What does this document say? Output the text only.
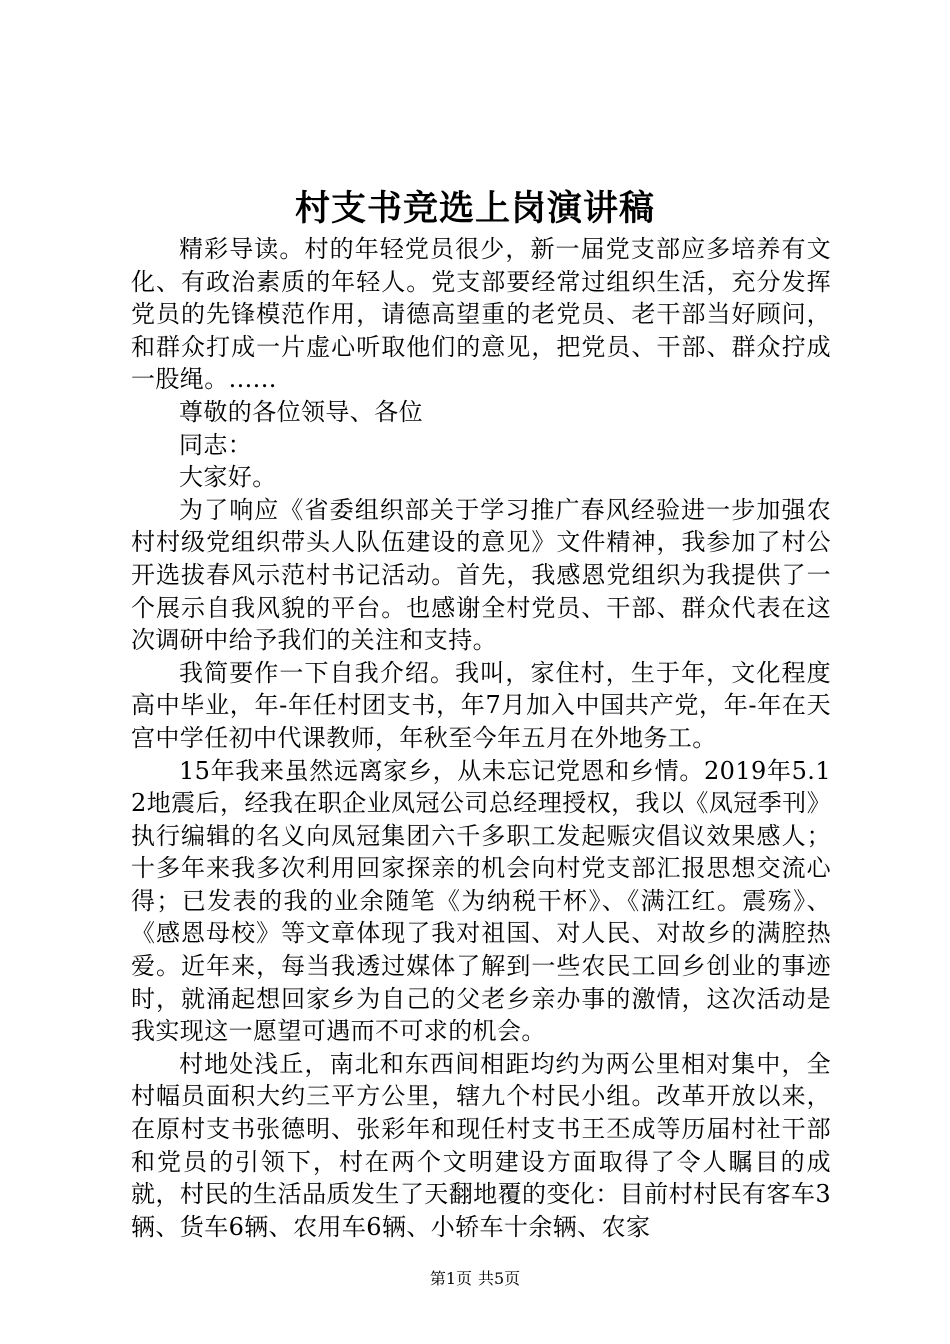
村支书竞选上岗演讲稿

精彩导读。村的年轻党员很少，新一届党支部应多培养有文化、有政治素质的年轻人。党支部要经常过组织生活，充分发挥党员的先锋模范作用，请德高望重的老党员、老干部当好顾问，和群众打成一片虚心听取他们的意见，把党员、干部、群众拧成一股绳。......

尊敬的各位领导、各位

同志：

大家好。

为了响应《省委组织部关于学习推广春风经验进一步加强农村村级党组织带头人队伍建设的意见》文件精神，我参加了村公开选拔春风示范村书记活动。首先，我感恩党组织为我提供了一个展示自我风貌的平台。也感谢全村党员、干部、群众代表在这次调研中给予我们的关注和支持。

我简要作一下自我介绍。我叫，家住村，生于年，文化程度高中毕业，年-年任村团支书，年7月加入中国共产党，年-年在天宫中学任初中代课教师，年秋至今年五月在外地务工。

15年我来虽然远离家乡，从未忘记党恩和乡情。2019年5.12地震后，经我在职企业凤冠公司总经理授权，我以《凤冠季刊》执行编辑的名义向凤冠集团六千多职工发起赈灾倡议效果感人；十多年来我多次利用回家探亲的机会向村党支部汇报思想交流心得；已发表的我的业余随笔《为纳税干杯》、《满江红。震殇》、《感恩母校》等文章体现了我对祖国、对人民、对故乡的满腔热爱。近年来，每当我透过媒体了解到一些农民工回乡创业的事迹时，就涌起想回家乡为自己的父老乡亲办事的激情，这次活动是我实现这一愿望可遇而不可求的机会。

村地处浅丘，南北和东西间相距均约为两公里相对集中，全村幅员面积大约三平方公里，辖九个村民小组。改革开放以来，在原村支书张德明、张彩年和现任村支书王丕成等历届村社干部和党员的引领下，村在两个文明建设方面取得了令人瞩目的成就，村民的生活品质发生了天翻地覆的变化：目前村村民有客车3辆、货车6辆、农用车6辆、小轿车十余辆、农家

第1页 共5页
